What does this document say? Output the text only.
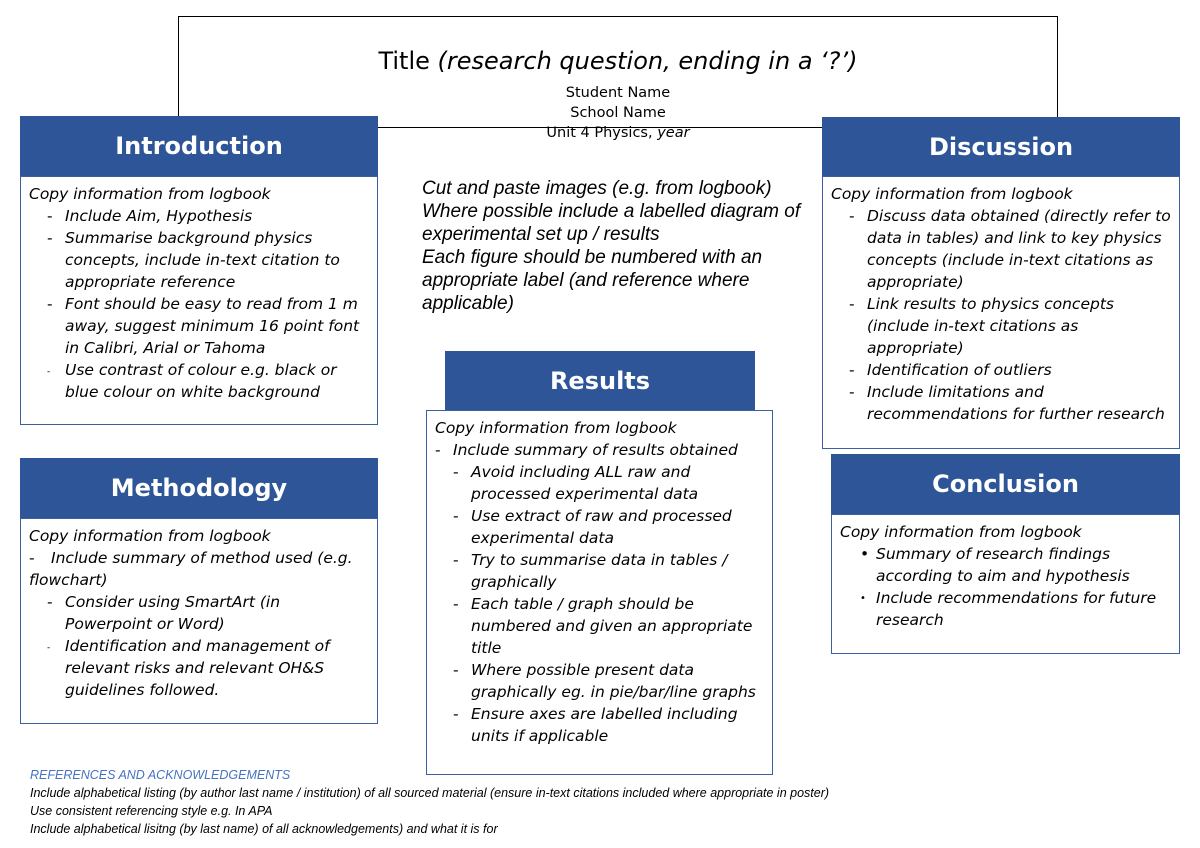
Title (research question, ending in a ‘?’)
Student Name
School Name
Unit 4 Physics, year
Introduction
Copy information from logbook
- Include Aim, Hypothesis
- Summarise background physics concepts, include in-text citation to appropriate reference
- Font should be easy to read from 1 m away, suggest minimum 16 point font in Calibri, Arial or Tahoma
- Use contrast of colour e.g. black or blue colour on white background
Methodology
Copy information from logbook
- Include summary of method used (e.g. flowchart)
- Consider using SmartArt (in Powerpoint or Word)
- Identification and management of relevant risks and relevant OH&S guidelines followed.
Cut and paste images (e.g. from logbook)
Where possible include a labelled diagram of experimental set up / results
Each figure should be numbered with an appropriate label (and reference where applicable)
Results
Copy information from logbook
- Include summary of results obtained
- Avoid including ALL raw and processed experimental data
- Use extract of raw and processed experimental data
- Try to summarise data in tables / graphically
- Each table / graph should be numbered and given an appropriate title
- Where possible present data graphically eg. in pie/bar/line graphs
- Ensure axes are labelled including units if applicable
Discussion
Copy information from logbook
- Discuss data obtained (directly refer to data in tables) and link to key physics concepts (include in-text citations as appropriate)
- Link results to physics concepts (include in-text citations as appropriate)
- Identification of outliers
- Include limitations and recommendations for further research
Conclusion
Copy information from logbook
• Summary of research findings according to aim and hypothesis
• Include recommendations for future research
REFERENCES AND ACKNOWLEDGEMENTS
Include alphabetical listing (by author last name / institution) of all sourced material (ensure in-text citations included where appropriate in poster)
Use consistent referencing style e.g. In APA
Include alphabetical lisitng (by last name) of all acknowledgements) and what it is for
